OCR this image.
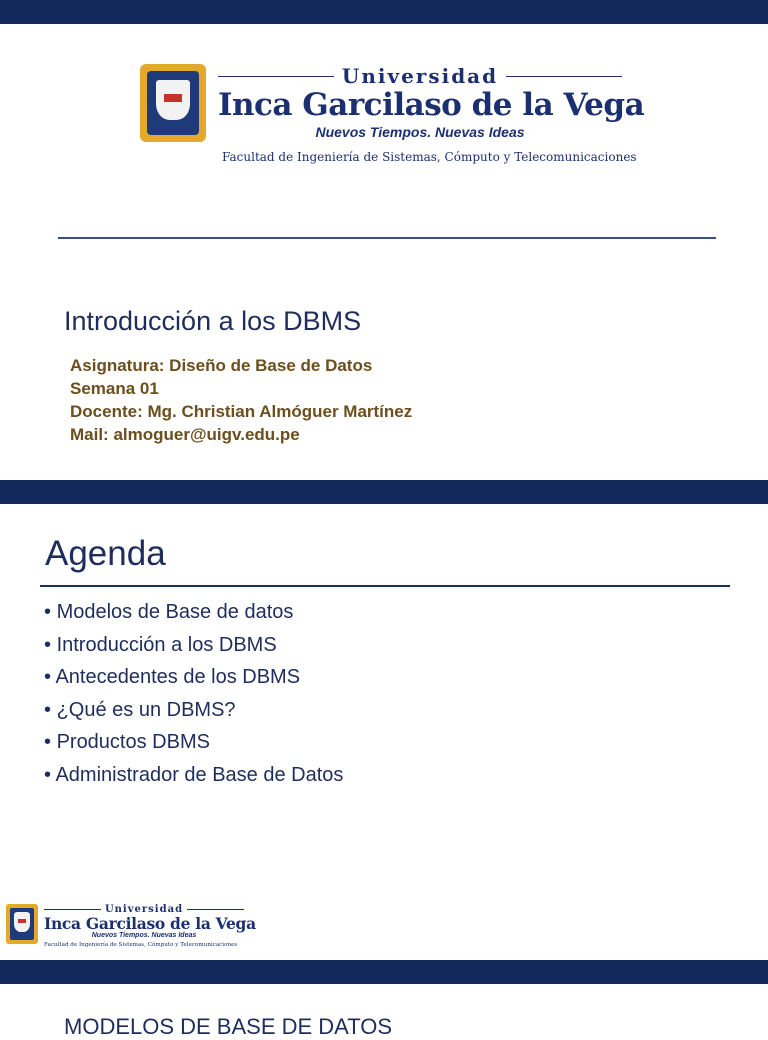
Universidad
Inca Garcilaso de la Vega
Nuevos Tiempos. Nuevas Ideas
Facultad de Ingeniería de Sistemas, Cómputo y Telecomunicaciones
Introducción a los DBMS
Asignatura: Diseño de Base de Datos
Semana 01
Docente: Mg. Christian Almóguer Martínez
Mail: almoguer@uigv.edu.pe
Agenda
• Modelos de Base de datos
• Introducción a los DBMS
• Antecedentes de los DBMS
• ¿Qué es un DBMS?
• Productos DBMS
• Administrador de Base de Datos
Universidad
Inca Garcilaso de la Vega
Nuevos Tiempos. Nuevas Ideas
Facultad de Ingeniería de Sistemas, Cómputo y Telecomunicaciones
MODELOS DE BASE DE DATOS
